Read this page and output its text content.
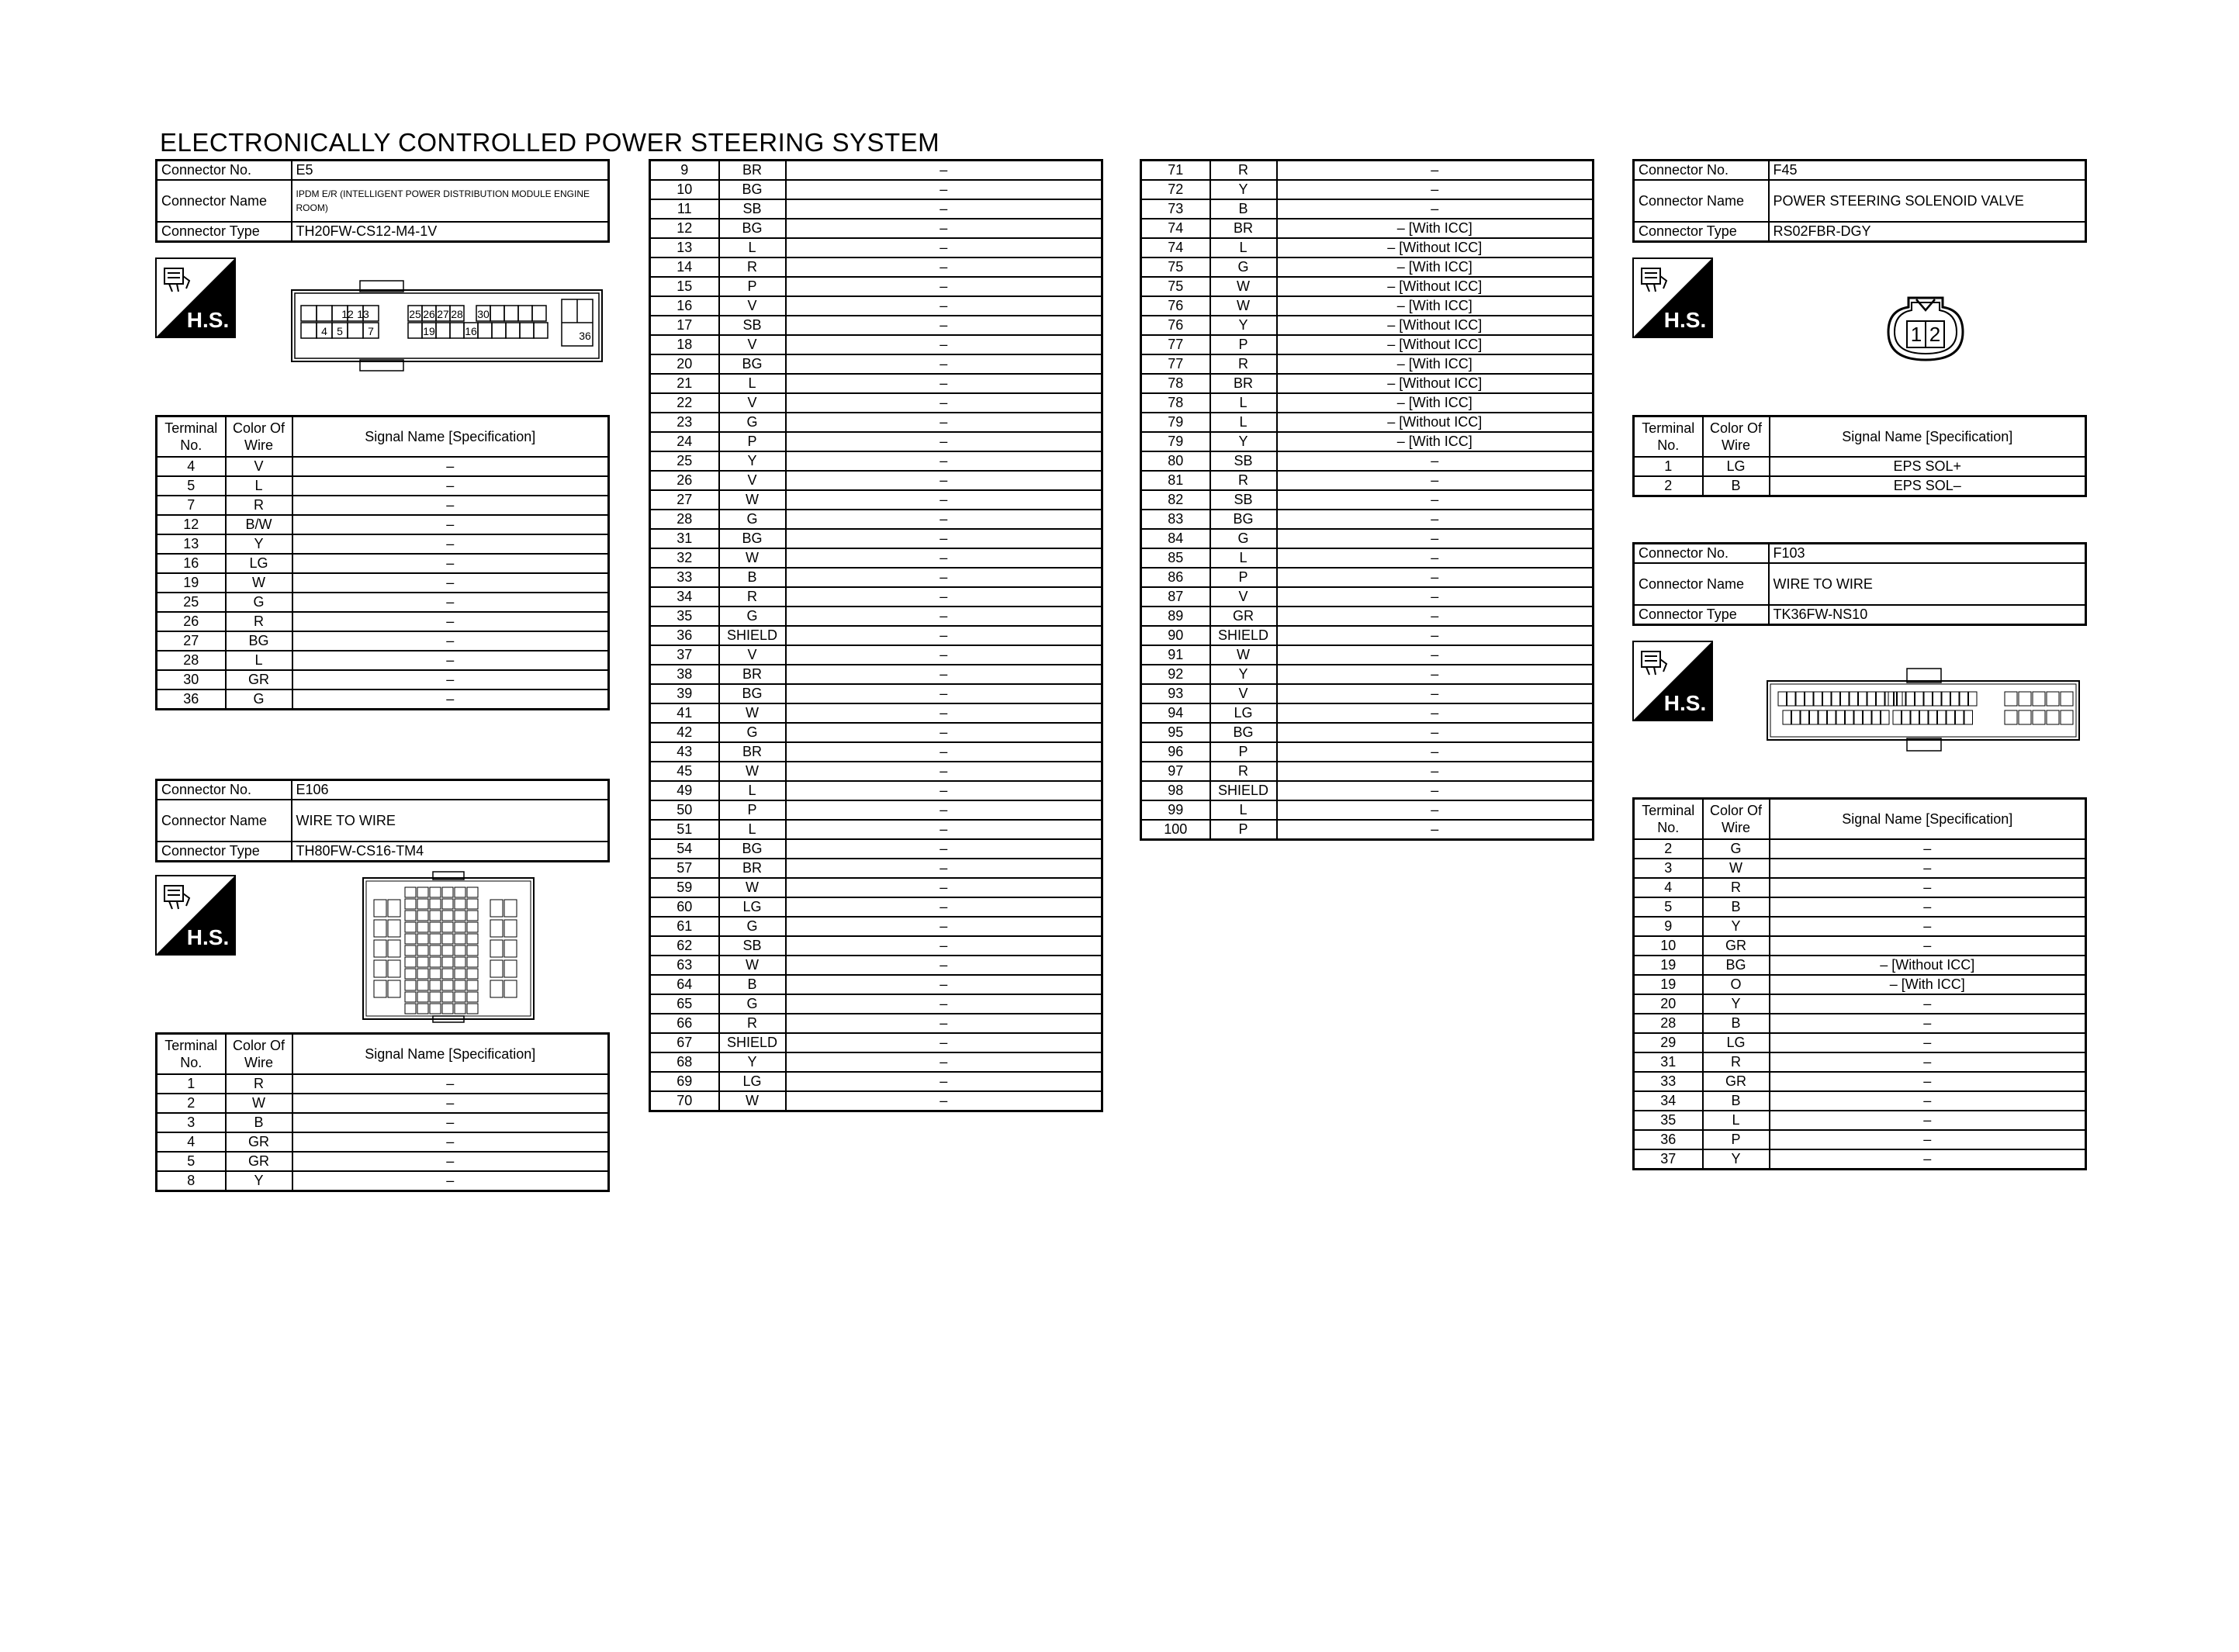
ELECTRONICALLY CONTROLLED POWER STEERING SYSTEM
Connector No.	E5
Connector Name	IPDM E/R (INTELLIGENT POWER DISTRIBUTION MODULE ENGINE ROOM)
Connector Type	TH20FW-CS12-M4-1V
H.S.	12 13	25 26 27 28 30
4 5 7	19	16	36
Terminal No.	Color Of Wire	Signal Name [Specification]
4	V	–
5	L	–
7	R	–
12	B/W	–
13	Y	–
16	LG	–
19	W	–
25	G	–
26	R	–
27	BG	–
28	L	–
30	GR	–
36	G	–
Connector No.	E106
Connector Name	WIRE TO WIRE
Connector Type	TH80FW-CS16-TM4
H.S.
Terminal No.	Color Of Wire	Signal Name [Specification]
1	R	–
2	W	–
3	B	–
4	GR	–
5	GR	–
8	Y	–
9	BR	–
10	BG	–
11	SB	–
12	BG	–
13	L	–
14	R	–
15	P	–
16	V	–
17	SB	–
18	V	–
20	BG	–
21	L	–
22	V	–
23	G	–
24	P	–
25	Y	–
26	V	–
27	W	–
28	G	–
31	BG	–
32	W	–
33	B	–
34	R	–
35	G	–
36	SHIELD	–
37	V	–
38	BR	–
39	BG	–
41	W	–
42	G	–
43	BR	–
45	W	–
49	L	–
50	P	–
51	L	–
54	BG	–
57	BR	–
59	W	–
60	LG	–
61	G	–
62	SB	–
63	W	–
64	B	–
65	G	–
66	R	–
67	SHIELD	–
68	Y	–
69	LG	–
70	W	–
71	R	–
72	Y	–
73	B	–
74	BR	– [With ICC]
74	L	– [Without ICC]
75	G	– [With ICC]
75	W	– [Without ICC]
76	W	– [With ICC]
76	Y	– [Without ICC]
77	P	– [Without ICC]
77	R	– [With ICC]
78	BR	– [Without ICC]
78	L	– [With ICC]
79	L	– [Without ICC]
79	Y	– [With ICC]
80	SB	–
81	R	–
82	SB	–
83	BG	–
84	G	–
85	L	–
86	P	–
87	V	–
89	GR	–
90	SHIELD	–
91	W	–
92	Y	–
93	V	–
94	LG	–
95	BG	–
96	P	–
97	R	–
98	SHIELD	–
99	L	–
100	P	–
Connector No.	F45
Connector Name	POWER STEERING SOLENOID VALVE
Connector Type	RS02FBR-DGY
H.S.
1 2
Terminal No.	Color Of Wire	Signal Name [Specification]
1	LG	EPS SOL+
2	B	EPS SOL–
Connector No.	F103
Connector Name	WIRE TO WIRE
Connector Type	TK36FW-NS10
H.S.
Terminal No.	Color Of Wire	Signal Name [Specification]
2	G	–
3	W	–
4	R	–
5	B	–
9	Y	–
10	GR	–
19	BG	– [Without ICC]
19	O	– [With ICC]
20	Y	–
28	B	–
29	LG	–
31	R	–
33	GR	–
34	B	–
35	L	–
36	P	–
37	Y	–
